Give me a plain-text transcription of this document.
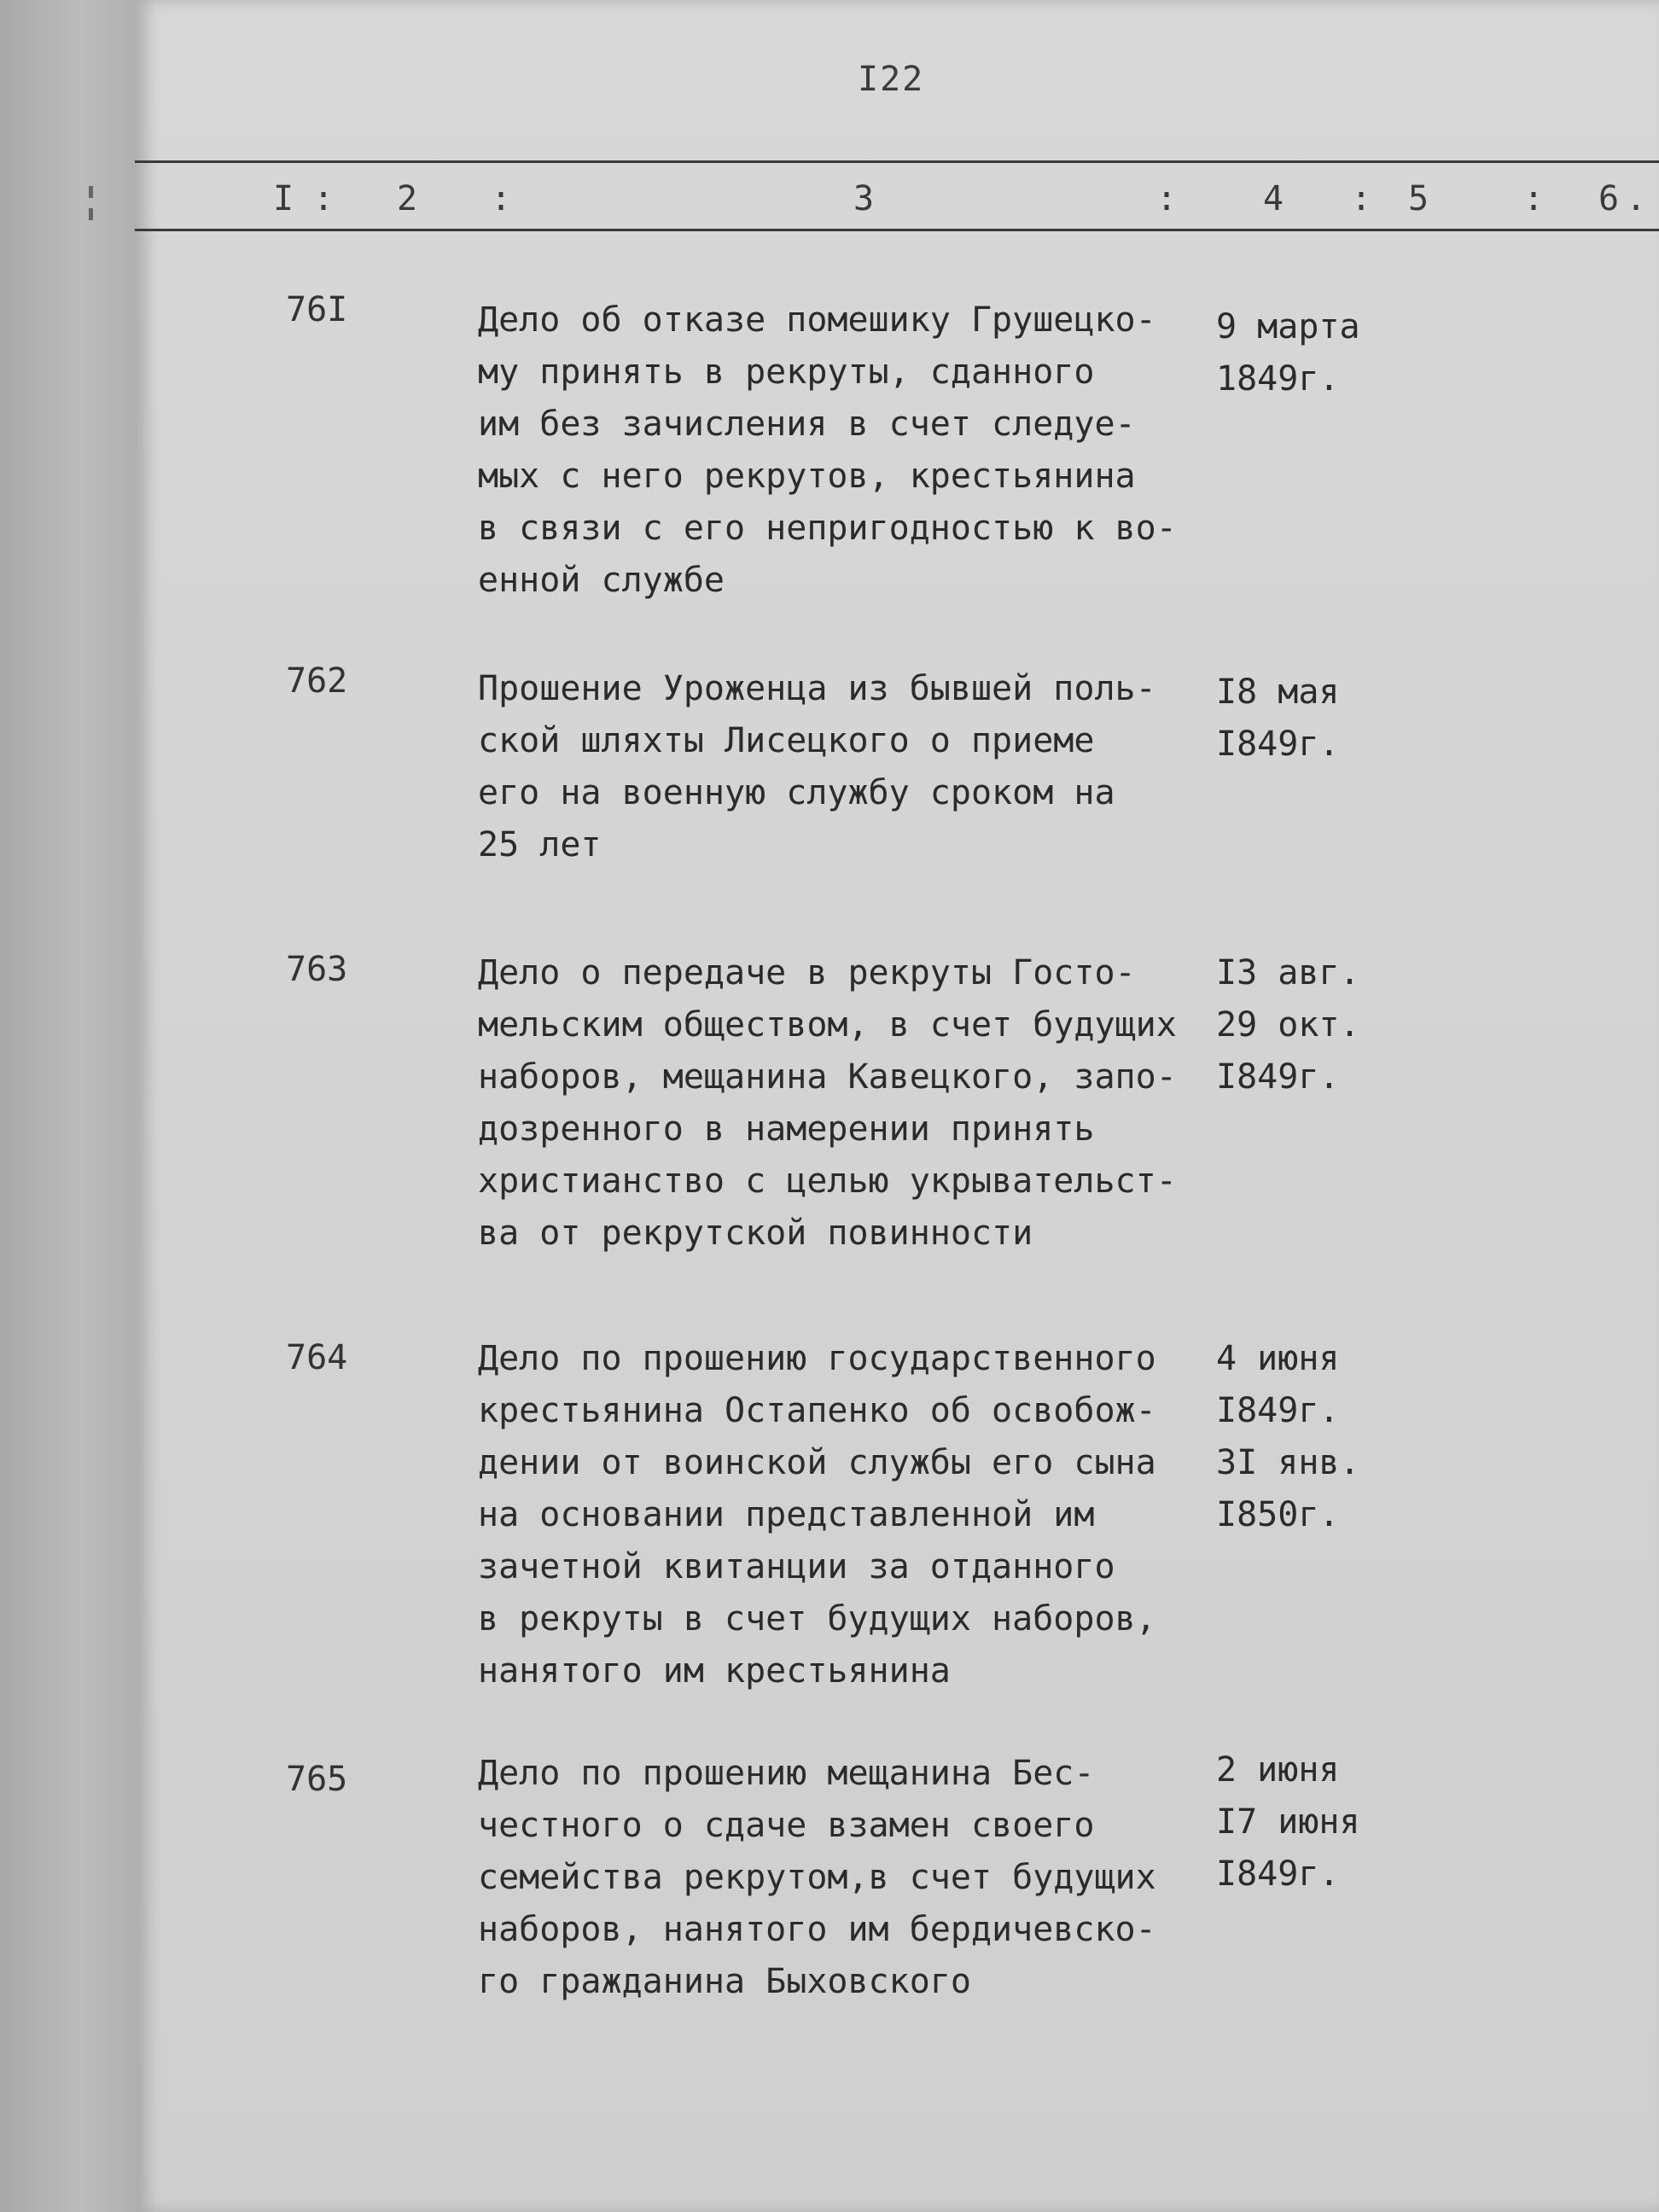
I22
I : 2 :	3	:	4 : 5	: 6 .
76I	Дело об отказе помешику Грушецко-
му принять в рекруты, сданного
им без зачисления в счет следуе-
мых с него рекрутов, крестьянина
в связи с его непригодностью к во-
енной службе
9 марта
1849г.
762	Прошение Уроженца из бывшей поль-
ской шляхты Лисецкого о приеме
его на военную службу сроком на
25 лет
I8 мая
I849г.
763	Дело о передаче в рекруты Госто-
мельским обществом, в счет будущих
наборов, мещанина Кавецкого, запо-
дозренного в намерении принять
христианство с целью укрывательст-
ва от рекрутской повинности
I3 авг.
29 окт.
I849г.
764	Дело по прошению государственного
крестьянина Остапенко об освобож-
дении от воинской службы его сына
на основании представленной им
зачетной квитанции за отданного
в рекруты в счет будущих наборов,
нанятого им крестьянина
4 июня
I849г.
3I янв.
I850г.
765	Дело по прошению мещанина Бес-
честного о сдаче взамен своего
семейства рекрутом,в счет будущих
наборов, нанятого им бердичевско-
го гражданина Быховского
2 июня
I7 июня
I849г.
